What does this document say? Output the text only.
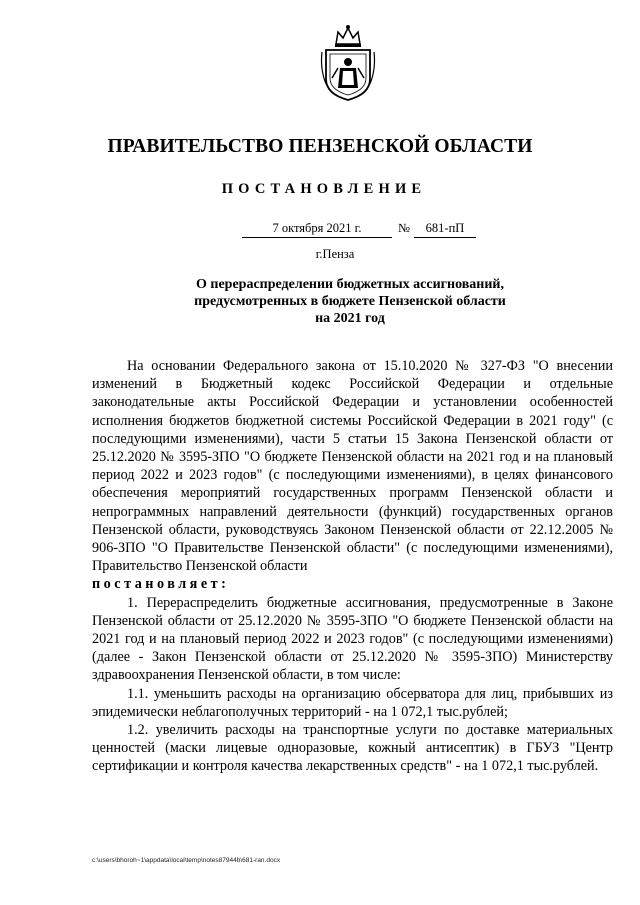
ПРАВИТЕЛЬСТВО ПЕНЗЕНСКОЙ ОБЛАСТИ
ПОСТАНОВЛЕНИЕ
7 октября 2021 г.	№	681-пП
г.Пенза
О перераспределении бюджетных ассигнований,
предусмотренных в бюджете Пензенской области
на 2021 год

На основании Федерального закона от 15.10.2020 № 327-ФЗ "О внесении изменений в Бюджетный кодекс Российской Федерации и отдельные законодательные акты Российской Федерации и установлении особенностей исполнения бюджетов бюджетной системы Российской Федерации в 2021 году" (с последующими изменениями), части 5 статьи 15 Закона Пензенской области от 25.12.2020 № 3595-ЗПО "О бюджете Пензенской области на 2021 год и на плановый период 2022 и 2023 годов" (с последующими изменениями), в целях финансового обеспечения мероприятий государственных программ Пензенской области и непрограммных направлений деятельности (функций) государственных органов Пензенской области, руководствуясь Законом Пензенской области от 22.12.2005 № 906-ЗПО "О Правительстве Пензенской области" (с последующими изменениями), Правительство Пензенской области

постановляет:

1. Перераспределить бюджетные ассигнования, предусмотренные в Законе Пензенской области от 25.12.2020 № 3595-ЗПО "О бюджете Пензенской области на 2021 год и на плановый период 2022 и 2023 годов" (с последующими изменениями) (далее - Закон Пензенской области от 25.12.2020 № 3595-ЗПО) Министерству здравоохранения Пензенской области, в том числе:

1.1. уменьшить расходы на организацию обсерватора для лиц, прибывших из эпидемически неблагополучных территорий - на 1 072,1 тыс.рублей;

1.2. увеличить расходы на транспортные услуги по доставке материальных ценностей (маски лицевые одноразовые, кожный антисептик) в ГБУЗ "Центр сертификации и контроля качества лекарственных средств" - на 1 072,1 тыс.рублей.

c:\users\bhoroh~1\appdata\local\temp\notes87944b\681-ran.docx
